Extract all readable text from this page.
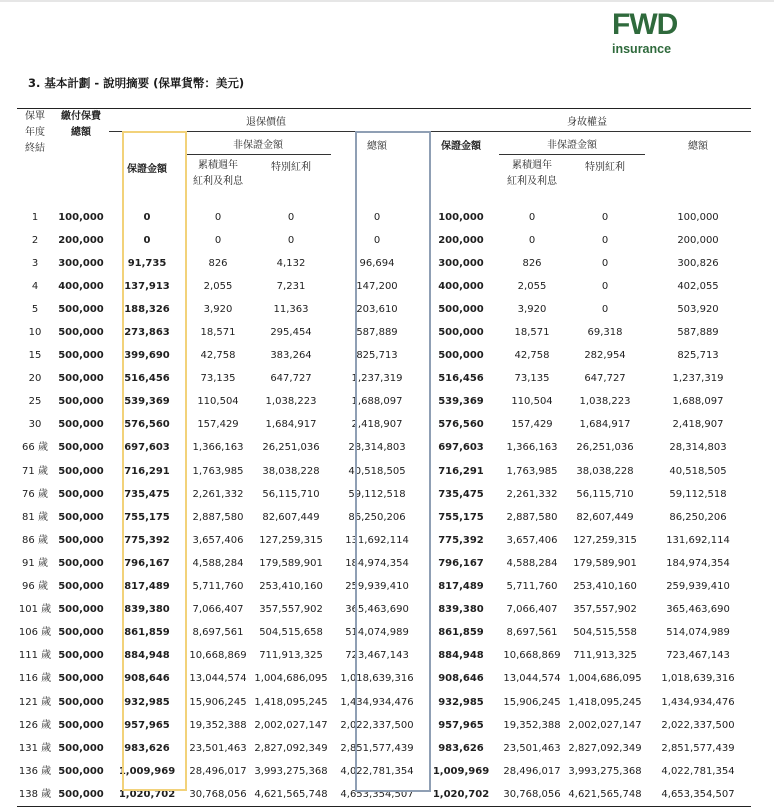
FWD
insurance
3. 基本計劃 - 說明摘要 (保單貨幣：美元)
保單
年度
終結	繳付保費
總額	退保價值				身故權益			
		保證金額	非保證金額		總額	保證金額	非保證金額		總額
			累積週年
紅利及利息	特別紅利			累積週年
紅利及利息	特別紅利	
1	100,000	0	0	0	0	100,000	0	0	100,000
2	200,000	0	0	0	0	200,000	0	0	200,000
3	300,000	91,735	826	4,132	96,694	300,000	826	0	300,826
4	400,000	137,913	2,055	7,231	147,200	400,000	2,055	0	402,055
5	500,000	188,326	3,920	11,363	203,610	500,000	3,920	0	503,920
10	500,000	273,863	18,571	295,454	587,889	500,000	18,571	69,318	587,889
15	500,000	399,690	42,758	383,264	825,713	500,000	42,758	282,954	825,713
20	500,000	516,456	73,135	647,727	1,237,319	516,456	73,135	647,727	1,237,319
25	500,000	539,369	110,504	1,038,223	1,688,097	539,369	110,504	1,038,223	1,688,097
30	500,000	576,560	157,429	1,684,917	2,418,907	576,560	157,429	1,684,917	2,418,907
66 歲	500,000	697,603	1,366,163	26,251,036	28,314,803	697,603	1,366,163	26,251,036	28,314,803
71 歲	500,000	716,291	1,763,985	38,038,228	40,518,505	716,291	1,763,985	38,038,228	40,518,505
76 歲	500,000	735,475	2,261,332	56,115,710	59,112,518	735,475	2,261,332	56,115,710	59,112,518
81 歲	500,000	755,175	2,887,580	82,607,449	86,250,206	755,175	2,887,580	82,607,449	86,250,206
86 歲	500,000	775,392	3,657,406	127,259,315	131,692,114	775,392	3,657,406	127,259,315	131,692,114
91 歲	500,000	796,167	4,588,284	179,589,901	184,974,354	796,167	4,588,284	179,589,901	184,974,354
96 歲	500,000	817,489	5,711,760	253,410,160	259,939,410	817,489	5,711,760	253,410,160	259,939,410
101 歲	500,000	839,380	7,066,407	357,557,902	365,463,690	839,380	7,066,407	357,557,902	365,463,690
106 歲	500,000	861,859	8,697,561	504,515,658	514,074,989	861,859	8,697,561	504,515,558	514,074,989
111 歲	500,000	884,948	10,668,869	711,913,325	723,467,143	884,948	10,668,869	711,913,325	723,467,143
116 歲	500,000	908,646	13,044,574	1,004,686,095	1,018,639,316	908,646	13,044,574	1,004,686,095	1,018,639,316
121 歲	500,000	932,985	15,906,245	1,418,095,245	1,434,934,476	932,985	15,906,245	1,418,095,245	1,434,934,476
126 歲	500,000	957,965	19,352,388	2,002,027,147	2,022,337,500	957,965	19,352,388	2,002,027,147	2,022,337,500
131 歲	500,000	983,626	23,501,463	2,827,092,349	2,851,577,439	983,626	23,501,463	2,827,092,349	2,851,577,439
136 歲	500,000	1,009,969	28,496,017	3,993,275,368	4,022,781,354	1,009,969	28,496,017	3,993,275,368	4,022,781,354
138 歲	500,000	1,020,702	30,768,056	4,621,565,748	4,653,354,507	1,020,702	30,768,056	4,621,565,748	4,653,354,507
